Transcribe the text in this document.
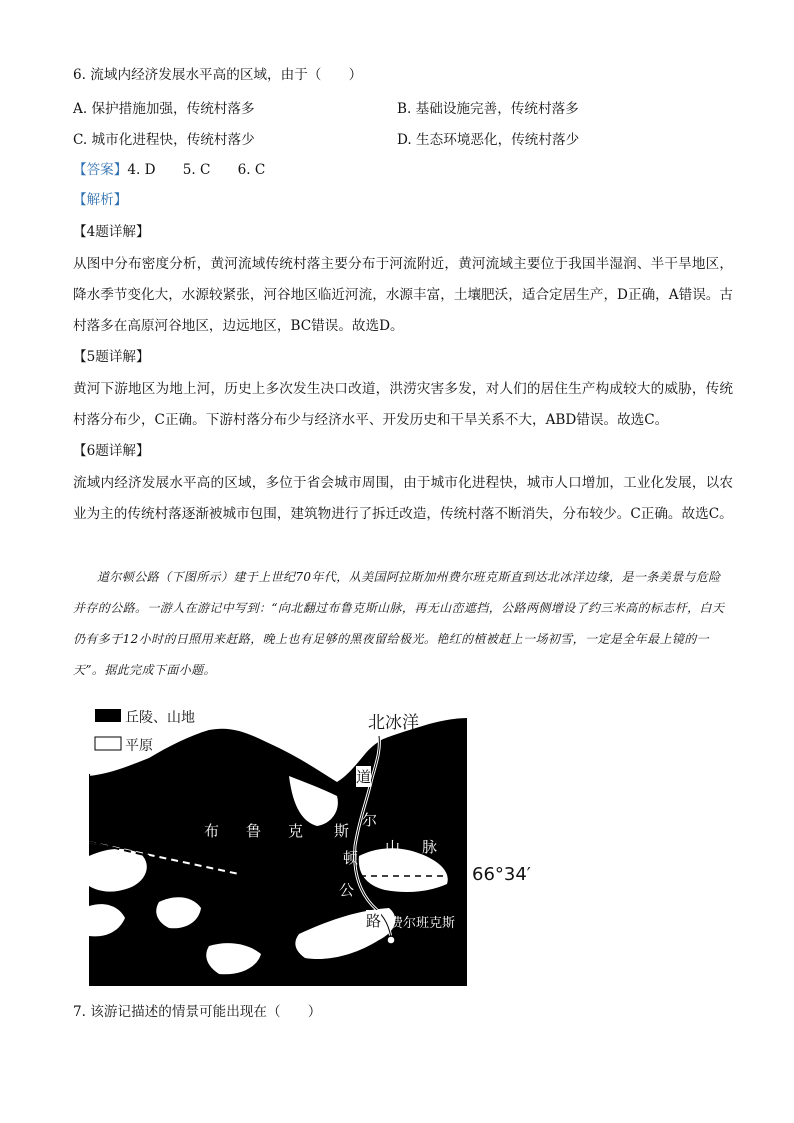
6. 流域内经济发展水平高的区域，由于（　　）
A. 保护措施加强，传统村落多	B. 基础设施完善，传统村落多
C. 城市化进程快，传统村落少	D. 生态环境恶化，传统村落少
【答案】4. D　　5. C　　6. C
【解析】
【4题详解】
从图中分布密度分析，黄河流域传统村落主要分布于河流附近，黄河流域主要位于我国半湿润、半干旱地区，降水季节变化大，水源较紧张，河谷地区临近河流，水源丰富，土壤肥沃，适合定居生产，D正确，A错误。古村落多在高原河谷地区，边远地区，BC错误。故选D。
【5题详解】
黄河下游地区为地上河，历史上多次发生决口改道，洪涝灾害多发，对人们的居住生产构成较大的威胁，传统村落分布少，C正确。下游村落分布少与经济水平、开发历史和干旱关系不大，ABD错误。故选C。
【6题详解】
流域内经济发展水平高的区域，多位于省会城市周围，由于城市化进程快，城市人口增加，工业化发展，以农业为主的传统村落逐渐被城市包围，建筑物进行了拆迁改造，传统村落不断消失，分布较少。C正确。故选C。
道尔顿公路（下图所示）建于上世纪70年代，从美国阿拉斯加州费尔班克斯直到达北冰洋边缘，是一条美景与危险并存的公路。一游人在游记中写到：“向北翻过布鲁克斯山脉，再无山峦遮挡，公路两侧增设了约三米高的标志杆，白天仍有多于12小时的日照用来赶路，晚上也有足够的黑夜留给极光。艳红的植被赶上一场初雪，一定是全年最上镜的一天”。据此完成下面小题。
丘陵、山地
平原
北冰洋
道
尔
顿
公
路
布 鲁 克 斯
山 脉
费尔班克斯
66°34′
7. 该游记描述的情景可能出现在（　　）
